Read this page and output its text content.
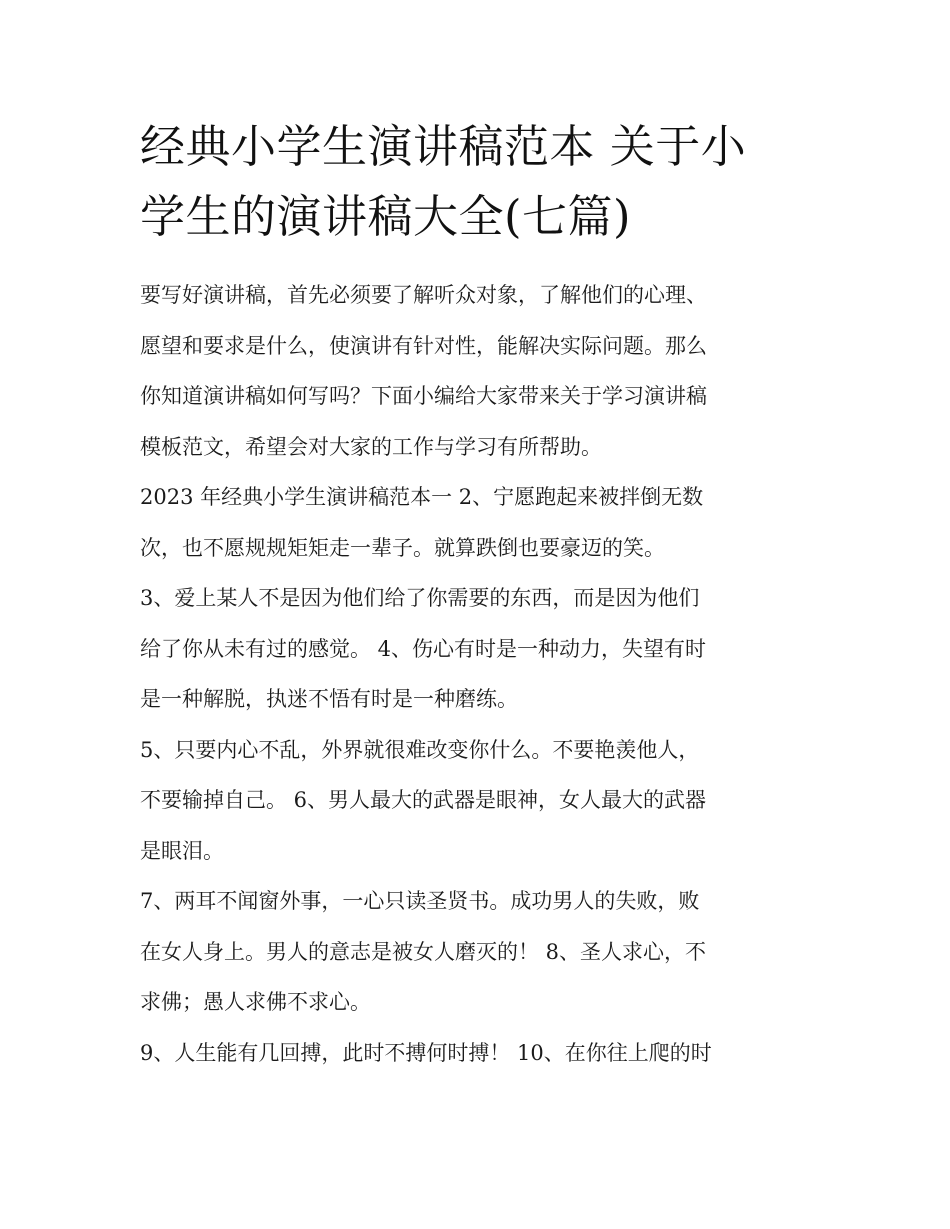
经典小学生演讲稿范本 关于小
学生的演讲稿大全(七篇)

要写好演讲稿，首先必须要了解听众对象，了解他们的心理、
愿望和要求是什么，使演讲有针对性，能解决实际问题。那么
你知道演讲稿如何写吗？下面小编给大家带来关于学习演讲稿
模板范文，希望会对大家的工作与学习有所帮助。

2023 年经典小学生演讲稿范本一 2、宁愿跑起来被拌倒无数
次，也不愿规规矩矩走一辈子。就算跌倒也要豪迈的笑。

3、爱上某人不是因为他们给了你需要的东西，而是因为他们
给了你从未有过的感觉。 4、伤心有时是一种动力，失望有时
是一种解脱，执迷不悟有时是一种磨练。

5、只要内心不乱，外界就很难改变你什么。不要艳羡他人，
不要输掉自己。 6、男人最大的武器是眼神，女人最大的武器
是眼泪。

7、两耳不闻窗外事，一心只读圣贤书。成功男人的失败，败
在女人身上。男人的意志是被女人磨灭的！ 8、圣人求心，不
求佛；愚人求佛不求心。

9、人生能有几回搏，此时不搏何时搏！ 10、在你往上爬的时
